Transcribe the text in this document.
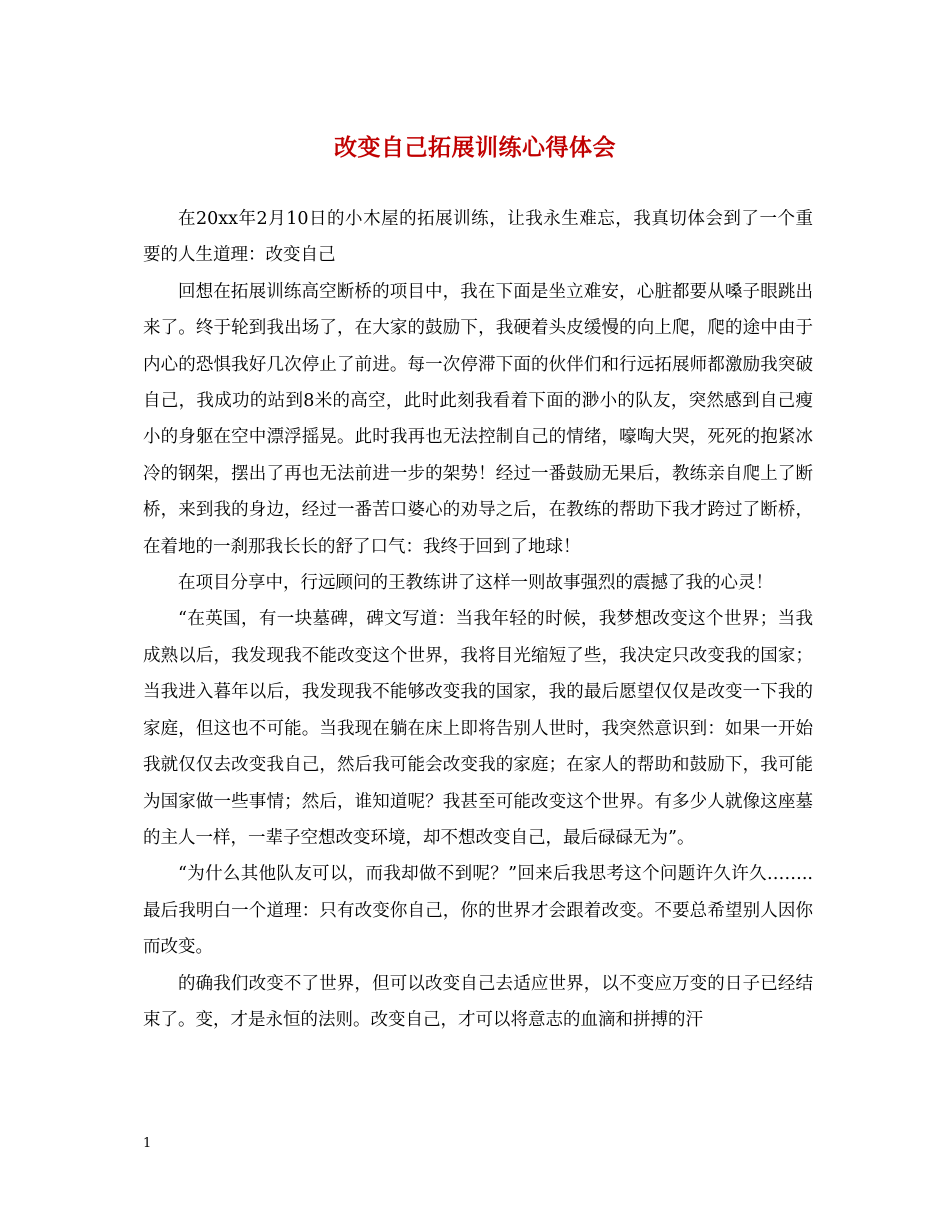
改变自己拓展训练心得体会

在20xx年2月10日的小木屋的拓展训练，让我永生难忘，我真切体会到了一个重要的人生道理：改变自己

回想在拓展训练高空断桥的项目中，我在下面是坐立难安，心脏都要从嗓子眼跳出来了。终于轮到我出场了，在大家的鼓励下，我硬着头皮缓慢的向上爬，爬的途中由于内心的恐惧我好几次停止了前进。每一次停滞下面的伙伴们和行远拓展师都激励我突破自己，我成功的站到8米的高空，此时此刻我看着下面的渺小的队友，突然感到自己瘦小的身躯在空中漂浮摇晃。此时我再也无法控制自己的情绪，嚎啕大哭，死死的抱紧冰冷的钢架，摆出了再也无法前进一步的架势！经过一番鼓励无果后，教练亲自爬上了断桥，来到我的身边，经过一番苦口婆心的劝导之后，在教练的帮助下我才跨过了断桥，在着地的一刹那我长长的舒了口气：我终于回到了地球！

在项目分享中，行远顾问的王教练讲了这样一则故事强烈的震撼了我的心灵！

“在英国，有一块墓碑，碑文写道：当我年轻的时候，我梦想改变这个世界；当我成熟以后，我发现我不能改变这个世界，我将目光缩短了些，我决定只改变我的国家；当我进入暮年以后，我发现我不能够改变我的国家，我的最后愿望仅仅是改变一下我的家庭，但这也不可能。当我现在躺在床上即将告别人世时，我突然意识到：如果一开始我就仅仅去改变我自己，然后我可能会改变我的家庭；在家人的帮助和鼓励下，我可能为国家做一些事情；然后，谁知道呢？我甚至可能改变这个世界。有多少人就像这座墓的主人一样，一辈子空想改变环境，却不想改变自己，最后碌碌无为”。

“为什么其他队友可以，而我却做不到呢？”回来后我思考这个问题许久许久……..最后我明白一个道理：只有改变你自己，你的世界才会跟着改变。不要总希望别人因你而改变。

的确我们改变不了世界，但可以改变自己去适应世界，以不变应万变的日子已经结束了。变，才是永恒的法则。改变自己，才可以将意志的血滴和拼搏的汗

1
